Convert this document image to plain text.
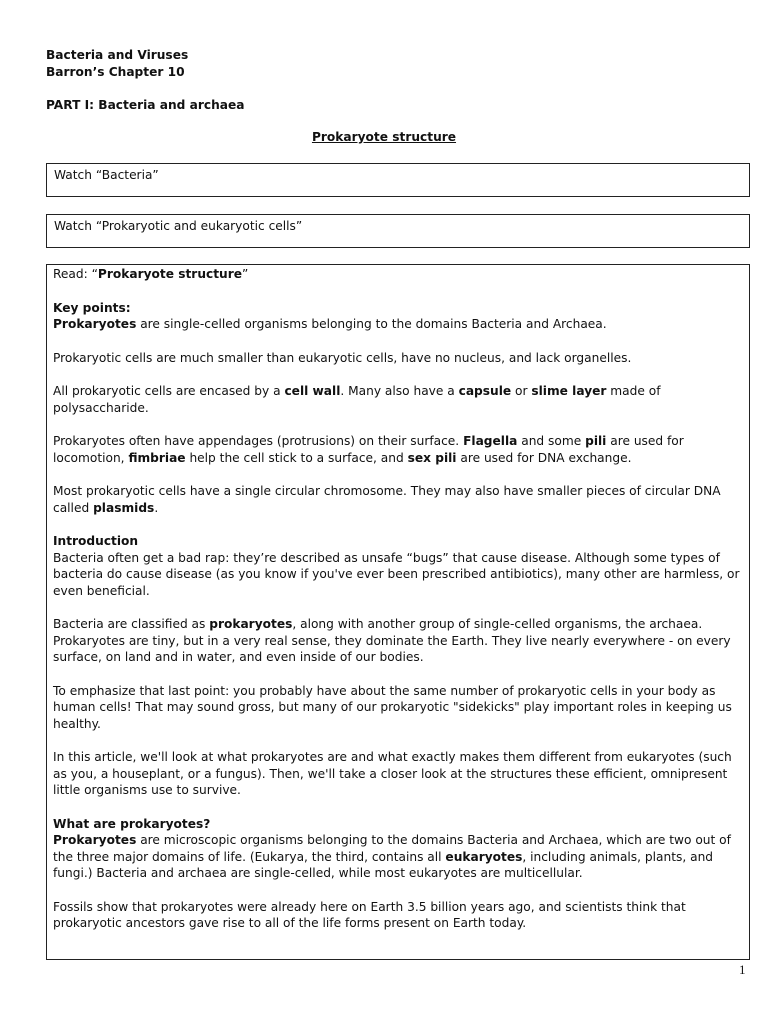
Bacteria and Viruses
Barron’s Chapter 10
PART I: Bacteria and archaea
Prokaryote structure
Watch “Bacteria”
Watch “Prokaryotic and eukaryotic cells”

Read: “Prokaryote structure”

Key points:

Prokaryotes are single-celled organisms belonging to the domains Bacteria and Archaea.

Prokaryotic cells are much smaller than eukaryotic cells, have no nucleus, and lack organelles.

All prokaryotic cells are encased by a cell wall. Many also have a capsule or slime layer made of polysaccharide.

Prokaryotes often have appendages (protrusions) on their surface. Flagella and some pili are used for locomotion, fimbriae help the cell stick to a surface, and sex pili are used for DNA exchange.

Most prokaryotic cells have a single circular chromosome. They may also have smaller pieces of circular DNA called plasmids.

Introduction

Bacteria often get a bad rap: they’re described as unsafe “bugs” that cause disease. Although some types of bacteria do cause disease (as you know if you've ever been prescribed antibiotics), many other are harmless, or even beneficial.

Bacteria are classified as prokaryotes, along with another group of single-celled organisms, the archaea. Prokaryotes are tiny, but in a very real sense, they dominate the Earth. They live nearly everywhere - on every surface, on land and in water, and even inside of our bodies.

To emphasize that last point: you probably have about the same number of prokaryotic cells in your body as human cells! That may sound gross, but many of our prokaryotic "sidekicks" play important roles in keeping us healthy.

In this article, we'll look at what prokaryotes are and what exactly makes them different from eukaryotes (such as you, a houseplant, or a fungus). Then, we'll take a closer look at the structures these efficient, omnipresent little organisms use to survive.

What are prokaryotes?

Prokaryotes are microscopic organisms belonging to the domains Bacteria and Archaea, which are two out of the three major domains of life. (Eukarya, the third, contains all eukaryotes, including animals, plants, and fungi.) Bacteria and archaea are single-celled, while most eukaryotes are multicellular.

Fossils show that prokaryotes were already here on Earth 3.5 billion years ago, and scientists think that prokaryotic ancestors gave rise to all of the life forms present on Earth today.

1
